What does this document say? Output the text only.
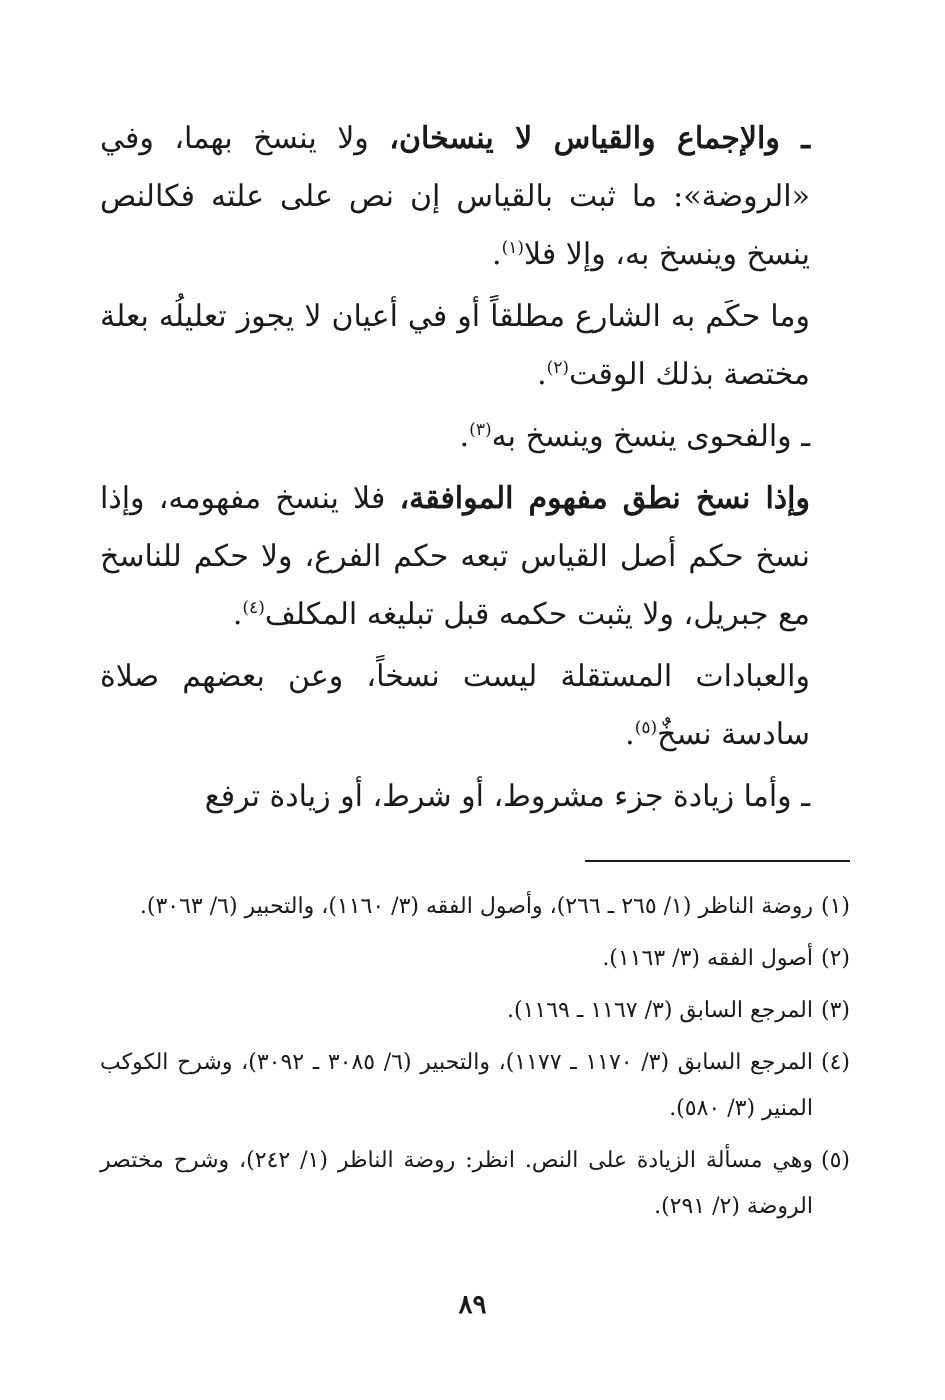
ـ والإجماع والقياس لا ينسخان، ولا ينسخ بهما، وفي «الروضة»: ما ثبت بالقياس إن نص على علته فكالنص ينسخ وينسخ به، وإلا فلا$^{(١)}$.

وما حكَم به الشارع مطلقاً أو في أعيان لا يجوز تعليلُه بعلة مختصة بذلك الوقت$^{(٢)}$.

ـ والفحوى ينسخ وينسخ به$^{(٣)}$.

وإذا نسخ نطق مفهوم الموافقة، فلا ينسخ مفهومه، وإذا نسخ حكم أصل القياس تبعه حكم الفرع، ولا حكم للناسخ مع جبريل، ولا يثبت حكمه قبل تبليغه المكلف$^{(٤)}$.

والعبادات المستقلة ليست نسخاً، وعن بعضهم صلاة سادسة نسخٌ$^{(٥)}$.

ـ وأما زيادة جزء مشروط، أو شرط، أو زيادة ترفع

(١)
روضة الناظر (١/ ٢٦٥ ـ ٢٦٦)، وأصول الفقه (٣/ ١١٦٠)، والتحبير (٦/ ٣٠٦٣).
(٢)
أصول الفقه (٣/ ١١٦٣).
(٣)
المرجع السابق (٣/ ١١٦٧ ـ ١١٦٩).
(٤)
المرجع السابق (٣/ ١١٧٠ ـ ١١٧٧)، والتحبير (٦/ ٣٠٨٥ ـ ٣٠٩٢)، وشرح الكوكب المنير (٣/ ٥٨٠).
(٥)
وهي مسألة الزيادة على النص. انظر: روضة الناظر (١/ ٢٤٢)، وشرح مختصر الروضة (٢/ ٢٩١).
٨٩
